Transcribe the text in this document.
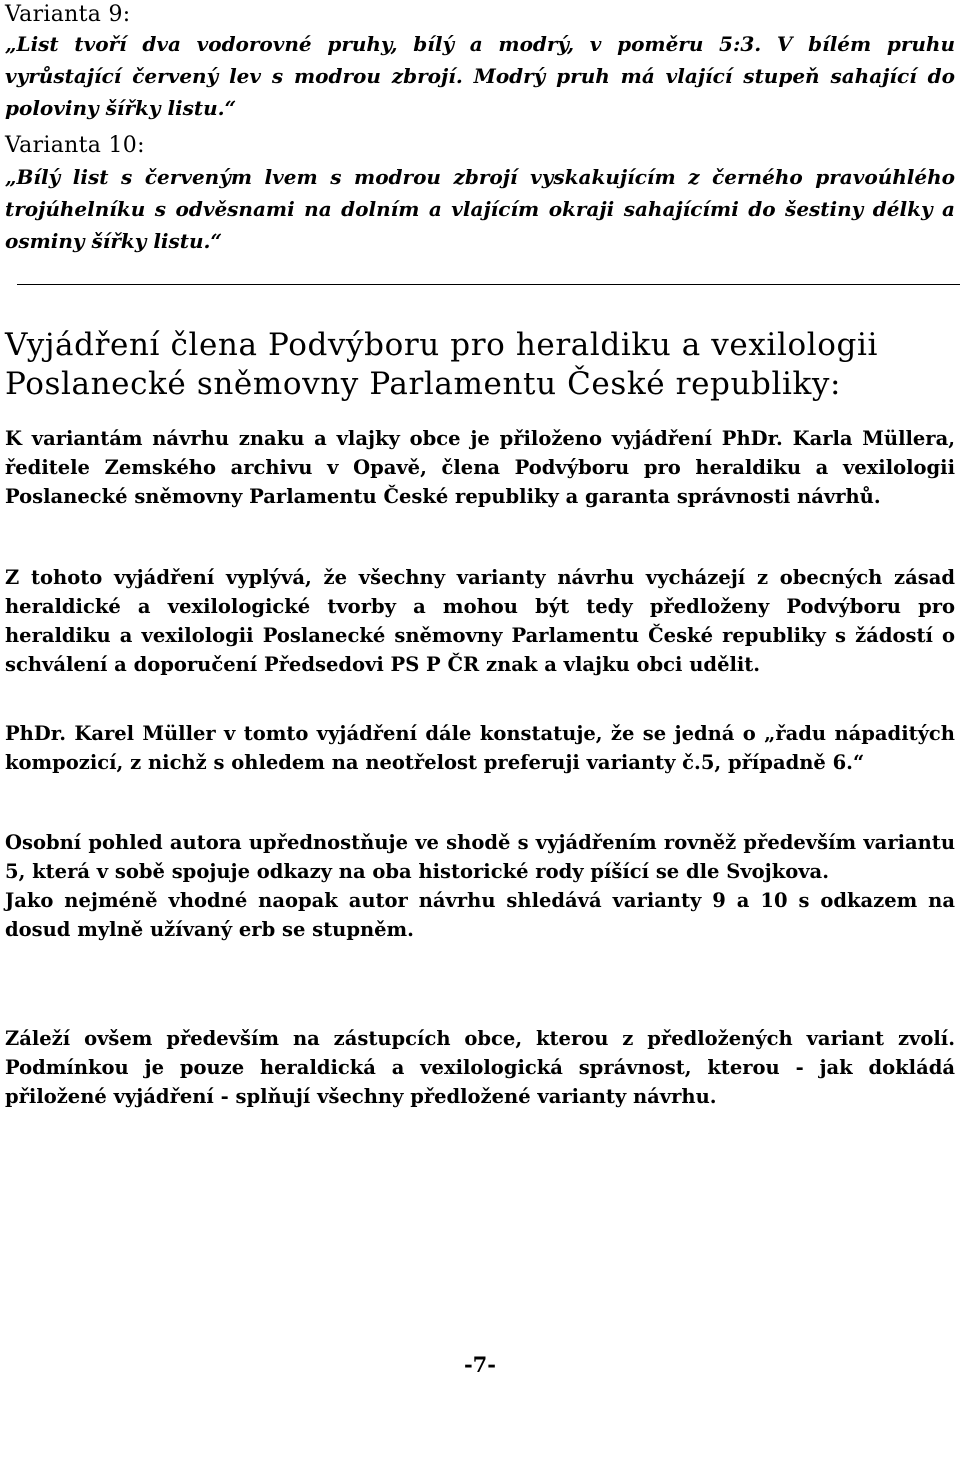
Varianta 9:

„List tvoří dva vodorovné pruhy, bílý a modrý, v poměru 5:3. V bílém pruhu vyrůstající červený lev s modrou zbrojí. Modrý pruh má vlající stupeň sahající do poloviny šířky listu.“

Varianta 10:

„Bílý list s červeným lvem s modrou zbrojí vyskakujícím z černého pravoúhlého trojúhelníku s odvěsnami na dolním a vlajícím okraji sahajícími do šestiny délky a osminy šířky listu.“

Vyjádření člena Podvýboru pro heraldiku a vexilologii Poslanecké sněmovny Parlamentu České republiky:

K variantám návrhu znaku a vlajky obce je přiloženo vyjádření PhDr. Karla Müllera, ředitele Zemského archivu v Opavě, člena Podvýboru pro heraldiku a vexilologii Poslanecké sněmovny Parlamentu České republiky a garanta správnosti návrhů.

Z tohoto vyjádření vyplývá, že všechny varianty návrhu vycházejí z obecných zásad heraldické a vexilologické tvorby a mohou být tedy předloženy Podvýboru pro heraldiku a vexilologii Poslanecké sněmovny Parlamentu České republiky s žádostí o schválení a doporučení Předsedovi PS P ČR znak a vlajku obci udělit.

PhDr. Karel Müller v tomto vyjádření dále konstatuje, že se jedná o „řadu nápaditých kompozicí, z nichž s ohledem na neotřelost preferuji varianty č.5, případně 6.“

Osobní pohled autora upřednostňuje ve shodě s vyjádřením rovněž především variantu 5, která v sobě spojuje odkazy na oba historické rody píšící se dle Svojkova.
Jako nejméně vhodné naopak autor návrhu shledává varianty 9 a 10 s odkazem na dosud mylně užívaný erb se stupněm.

Záleží ovšem především na zástupcích obce, kterou z předložených variant zvolí. Podmínkou je pouze heraldická a vexilologická správnost, kterou - jak dokládá přiložené vyjádření - splňují všechny předložené varianty návrhu.

-7-
